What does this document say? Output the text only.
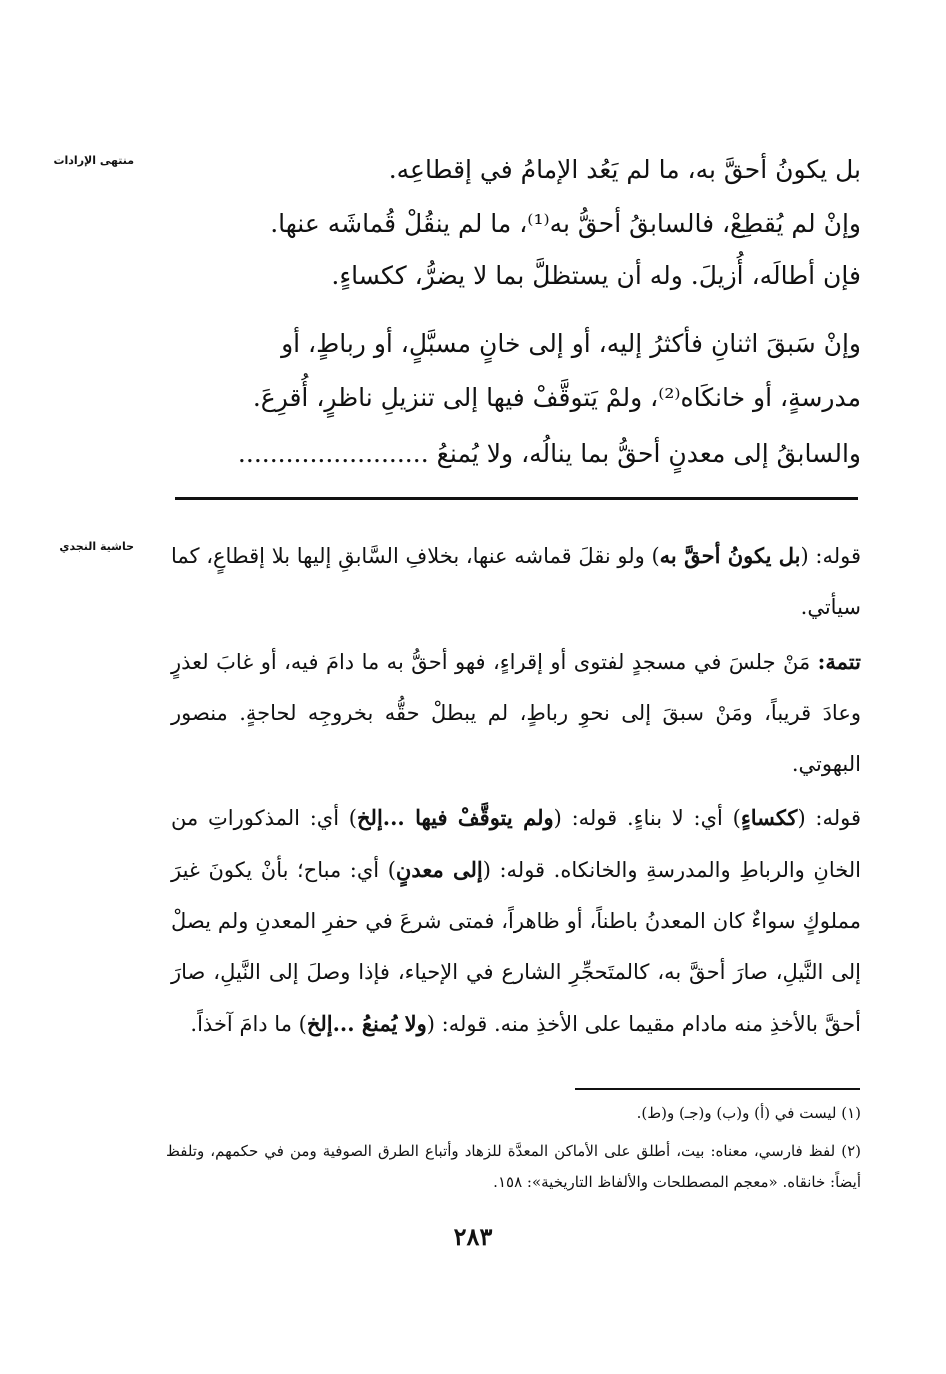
منتهى الإرادات	بل يكونُ أحقَّ به، ما لم يَعُد الإمامُ في إقطاعِه.
وإنْ لم يُقطِعْ، فالسابقُ أحقُّ به⁽¹⁾، ما لم ينقُلْ قُماشَه عنها.
فإن أطالَه، أُزيلَ. وله أن يستظلَّ بما لا يضرُّ، ككساءٍ.
وإنْ سَبقَ اثنانِ فأكثرُ إليه، أو إلى خانٍ مسبَّلٍ، أو رباطٍ، أو
مدرسةٍ، أو خانكَاه⁽²⁾، ولمْ يَتوقَّفْ فيها إلى تنزيلِ ناظرٍ، أُقرِعَ.
والسابقُ إلى معدنٍ أحقُّ بما ينالُه، ولا يُمنعُ ........................
حاشية النجدي	قوله: (بل يكونُ أحقَّ به) ولو نقلَ قماشه عنها، بخلافِ السَّابقِ إليها بلا إقطاعٍ، كما سيأتي.
تتمة: مَنْ جلسَ في مسجدٍ لفتوى أو إقراءٍ، فهو أحقُّ به ما دامَ فيه، أو غابَ لعذرٍ وعادَ قريباً، ومَنْ سبقَ إلى نحوِ رباطٍ، لم يبطلْ حقُّه بخروجِه لحاجةٍ. منصور البهوتي.
قوله: (ككساءٍ) أي: لا بناءٍ. قوله: (ولم يتوقَّفْ فيها ...إلخ) أي: المذكوراتِ من الخانِ والرباطِ والمدرسةِ والخانكاه. قوله: (إلى معدنٍ) أي: مباح؛ بأنْ يكونَ غيرَ مملوكٍ سواءٌ كان المعدنُ باطناً، أو ظاهراً، فمتى شرعَ في حفرِ المعدنِ ولم يصلْ إلى النَّيلِ، صارَ أحقَّ به، كالمتَحجِّرِ الشارع في الإحياء، فإذا وصلَ إلى النَّيلِ، صارَ أحقَّ بالأخذِ منه مادام مقيما على الأخذِ منه. قوله: (ولا يُمنعُ ...إلخ) ما دامَ آخذاً.
(١) ليست في (أ) و(ب) و(جـ) و(ط).
(٢) لفظ فارسي، معناه: بيت، أطلق على الأماكن المعدَّة للزهاد وأتباع الطرق الصوفية ومن في حكمهم، وتلفظ أيضاً: خانقاه. «معجم المصطلحات والألفاظ التاريخية»: ١٥٨.
٢٨٣
